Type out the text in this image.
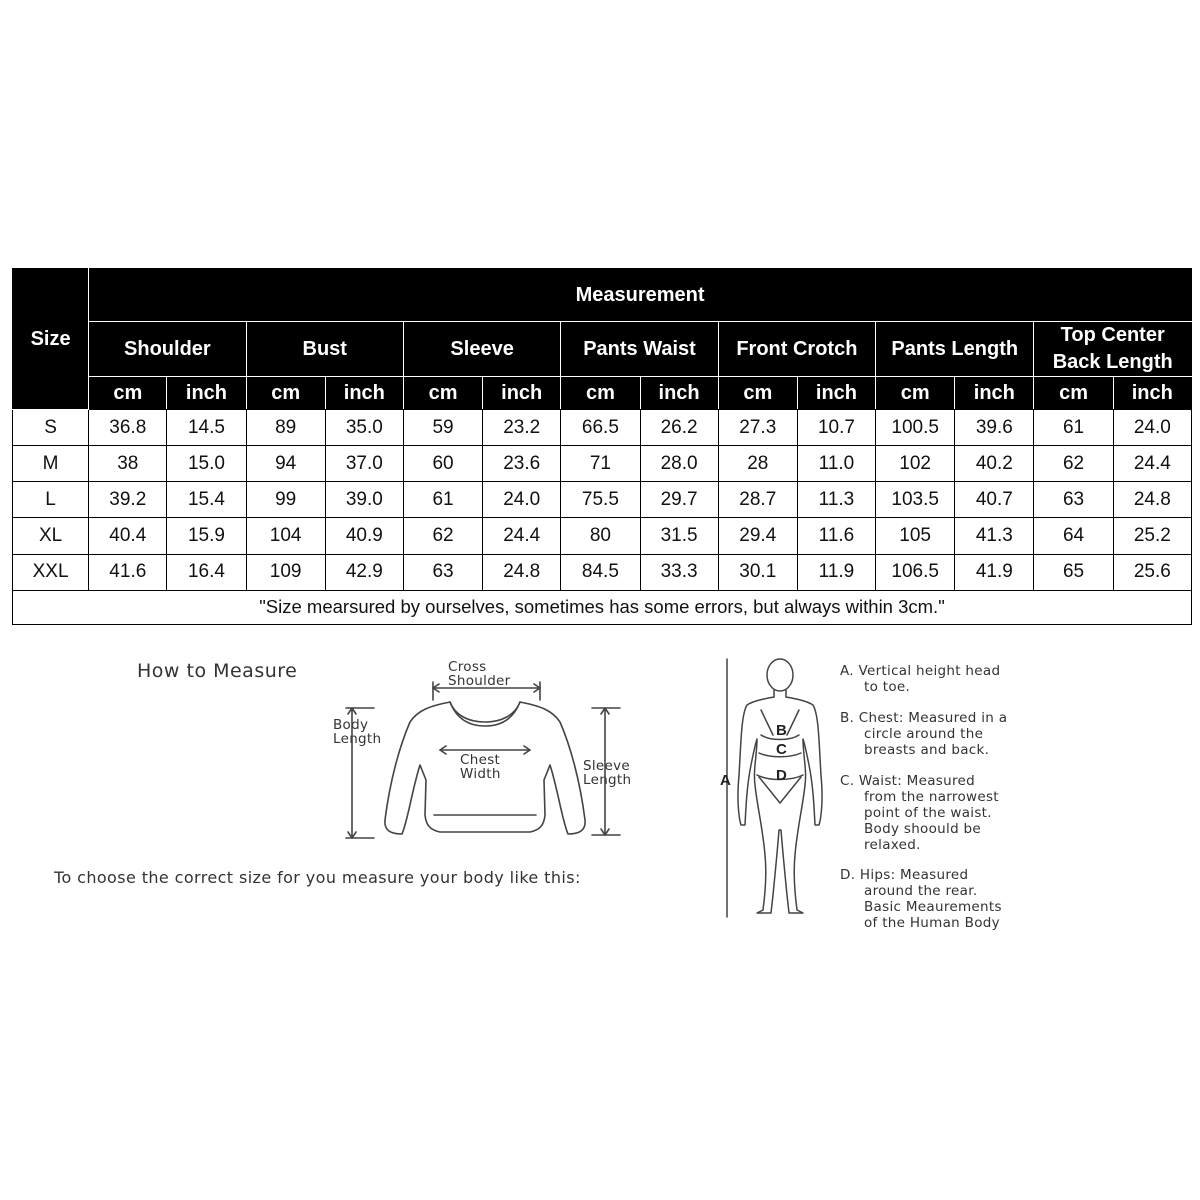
Size	Measurement													
	Shoulder		Bust		Sleeve		Pants Waist		Front Crotch		Pants Length		Top Center Back Length	
	cm	inch	cm	inch	cm	inch	cm	inch	cm	inch	cm	inch	cm	inch
S	36.8	14.5	89	35.0	59	23.2	66.5	26.2	27.3	10.7	100.5	39.6	61	24.0
M	38	15.0	94	37.0	60	23.6	71	28.0	28	11.0	102	40.2	62	24.4
L	39.2	15.4	99	39.0	61	24.0	75.5	29.7	28.7	11.3	103.5	40.7	63	24.8
XL	40.4	15.9	104	40.9	62	24.4	80	31.5	29.4	11.6	105	41.3	64	25.2
XXL	41.6	16.4	109	42.9	63	24.8	84.5	33.3	30.1	11.9	106.5	41.9	65	25.6
"Size mearsured by ourselves, sometimes has some errors, but always within 3cm."														
How to Measure
To choose the correct size for you measure your body like this:
Cross
Shoulder
Body
Length
Chest
Width	Sleeve
Length	A
B
C
D
A. Vertical height head
to toe.
B. Chest: Measured in a
circle around the
breasts and back.
C. Waist: Measured
from the narrowest
point of the waist.
Body shoould be
relaxed.
D. Hips: Measured
around the rear.
Basic Meaurements
of the Human Body
